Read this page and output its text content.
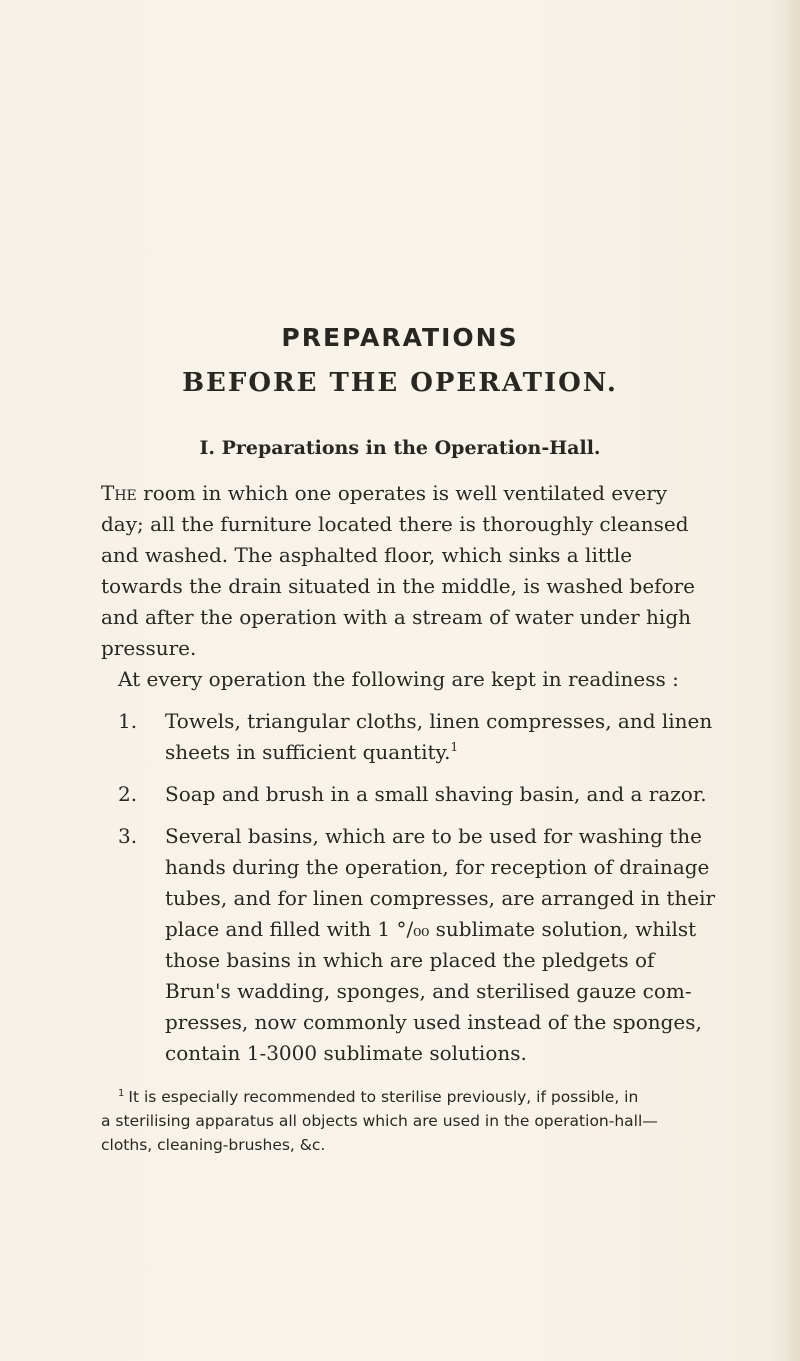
PREPARATIONS
BEFORE THE OPERATION.
I. Preparations in the Operation-Hall.
The room in which one operates is well ventilated every
day; all the furniture located there is thoroughly cleansed
and washed. The asphalted floor, which sinks a little
towards the drain situated in the middle, is washed before
and after the operation with a stream of water under high
pressure.
At every operation the following are kept in readiness :
1. Towels, triangular cloths, linen compresses, and linen
sheets in sufficient quantity.$^1$
2. Soap and brush in a small shaving basin, and a razor.
3. Several basins, which are to be used for washing the
hands during the operation, for reception of drainage
tubes, and for linen compresses, are arranged in their
place and filled with 1 °/₀₀ sublimate solution, whilst
those basins in which are placed the pledgets of
Brun's wadding, sponges, and sterilised gauze com-
presses, now commonly used instead of the sponges,
contain 1-3000 sublimate solutions.
$^1$ It is especially recommended to sterilise previously, if possible, in
a sterilising apparatus all objects which are used in the operation-hall—
cloths, cleaning-brushes, &c.
